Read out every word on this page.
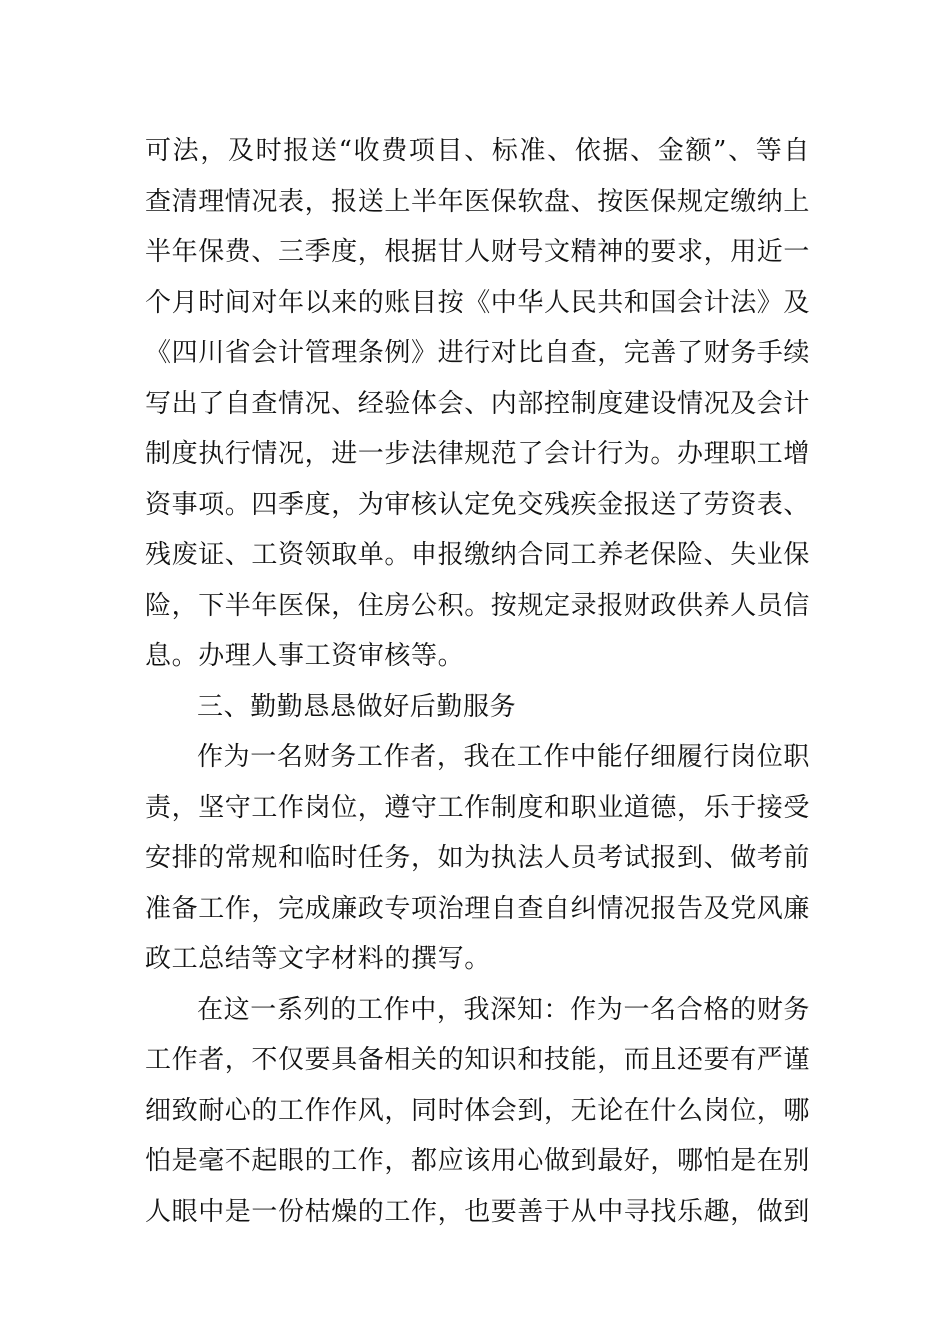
可法，及时报送“收费项目、标准、依据、金额”、等自
查清理情况表，报送上半年医保软盘、按医保规定缴纳上
半年保费、三季度，根据甘人财号文精神的要求，用近一
个月时间对年以来的账目按《中华人民共和国会计法》及
《四川省会计管理条例》进行对比自查，完善了财务手续
写出了自查情况、经验体会、内部控制度建设情况及会计
制度执行情况，进一步法律规范了会计行为。办理职工增
资事项。四季度，为审核认定免交残疾金报送了劳资表、
残废证、工资领取单。申报缴纳合同工养老保险、失业保
险，下半年医保，住房公积。按规定录报财政供养人员信
息。办理人事工资审核等。
三、勤勤恳恳做好后勤服务
作为一名财务工作者，我在工作中能仔细履行岗位职
责，坚守工作岗位，遵守工作制度和职业道德，乐于接受
安排的常规和临时任务，如为执法人员考试报到、做考前
准备工作，完成廉政专项治理自查自纠情况报告及党风廉
政工总结等文字材料的撰写。
在这一系列的工作中，我深知：作为一名合格的财务
工作者，不仅要具备相关的知识和技能，而且还要有严谨
细致耐心的工作作风，同时体会到，无论在什么岗位，哪
怕是毫不起眼的工作，都应该用心做到最好，哪怕是在别
人眼中是一份枯燥的工作，也要善于从中寻找乐趣，做到
